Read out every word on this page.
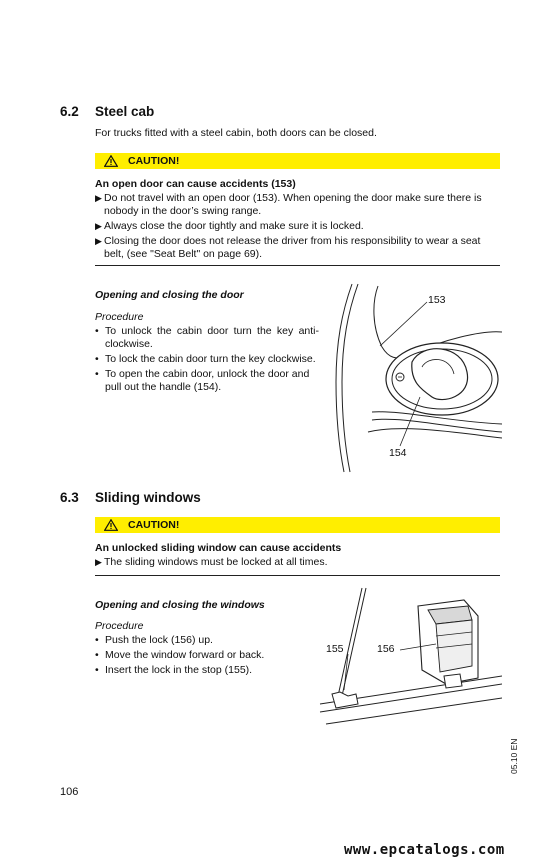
6.2 Steel cab
For trucks fitted with a steel cabin, both doors can be closed.
CAUTION!
An open door can cause accidents (153)
▶ Do not travel with an open door (153). When opening the door make sure there is nobody in the door’s swing range.
▶ Always close the door tightly and make sure it is locked.
▶ Closing the door does not release the driver from his responsibility to wear a seat belt, (see "Seat Belt" on page 69).
Opening and closing the door
Procedure
• To unlock the cabin door turn the key anti-clockwise.
• To lock the cabin door turn the key clockwise.
• To open the cabin door, unlock the door and pull out the handle (154).
153
154
6.3 Sliding windows
CAUTION!
An unlocked sliding window can cause accidents
▶ The sliding windows must be locked at all times.
Opening and closing the windows
Procedure
• Push the lock (156) up.
• Move the window forward or back.
• Insert the lock in the stop (155).
155	156
05.10 EN
106
www.epcatalogs.com
